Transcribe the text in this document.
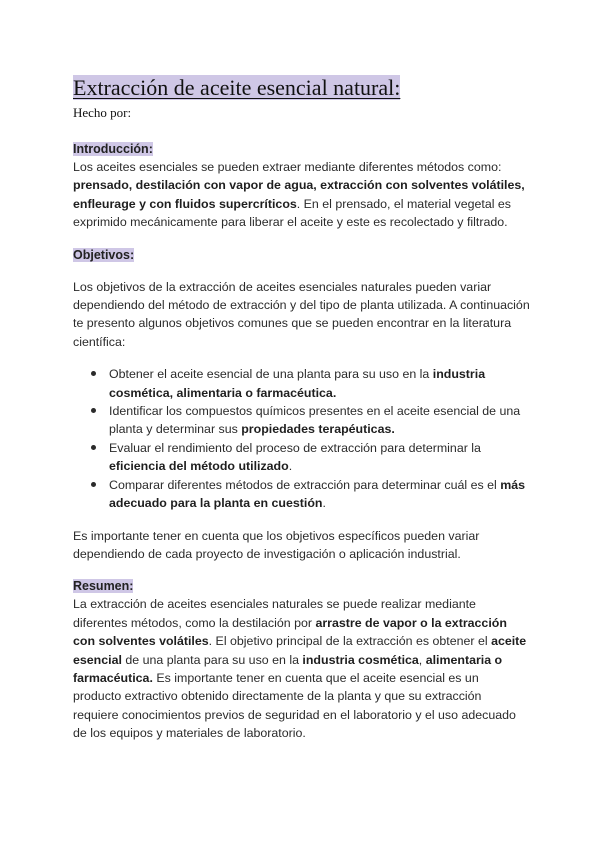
Extracción de aceite esencial natural:
Hecho por:
Introducción:

Los aceites esenciales se pueden extraer mediante diferentes métodos como: prensado, destilación con vapor de agua, extracción con solventes volátiles, enfleurage y con fluidos supercríticos. En el prensado, el material vegetal es exprimido mecánicamente para liberar el aceite y este es recolectado y filtrado.

Objetivos:

Los objetivos de la extracción de aceites esenciales naturales pueden variar dependiendo del método de extracción y del tipo de planta utilizada. A continuación te presento algunos objetivos comunes que se pueden encontrar en la literatura científica:

Obtener el aceite esencial de una planta para su uso en la industria cosmética, alimentaria o farmacéutica.
Identificar los compuestos químicos presentes en el aceite esencial de una planta y determinar sus propiedades terapéuticas.
Evaluar el rendimiento del proceso de extracción para determinar la eficiencia del método utilizado.
Comparar diferentes métodos de extracción para determinar cuál es el más adecuado para la planta en cuestión.

Es importante tener en cuenta que los objetivos específicos pueden variar dependiendo de cada proyecto de investigación o aplicación industrial.

Resumen:

La extracción de aceites esenciales naturales se puede realizar mediante diferentes métodos, como la destilación por arrastre de vapor o la extracción con solventes volátiles. El objetivo principal de la extracción es obtener el aceite esencial de una planta para su uso en la industria cosmética, alimentaria o farmacéutica. Es importante tener en cuenta que el aceite esencial es un producto extractivo obtenido directamente de la planta y que su extracción requiere conocimientos previos de seguridad en el laboratorio y el uso adecuado de los equipos y materiales de laboratorio.
